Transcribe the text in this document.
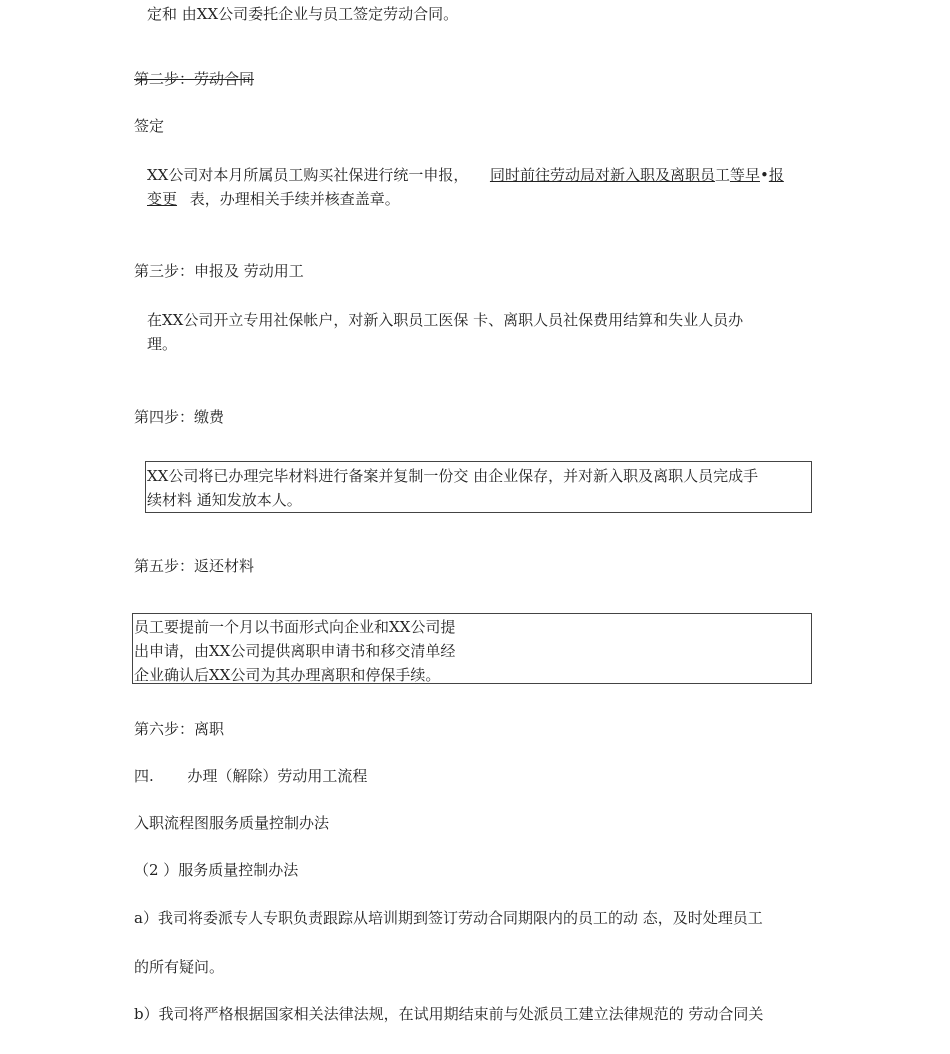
定和 由XX公司委托企业与员工签定劳动合同。
第二步：劳动合同
签定
XX公司对本月所属员工购买社保进行统一申报， 同时前往劳动局对新入职及离职员工等早•报
变更 表，办理相关手续并核查盖章。
第三步：申报及 劳动用工
在XX公司开立专用社保帐户，对新入职员工医保 卡、离职人员社保费用结算和失业人员办
理。
第四步：缴费
XX公司将已办理完毕材料进行备案并复制一份交 由企业保存，并对新入职及离职人员完成手
续材料 通知发放本人。
第五步：返还材料
员工要提前一个月以书面形式向企业和XX公司提
出申请，由XX公司提供离职申请书和移交清单经
企业确认后XX公司为其办理离职和停保手续。
第六步：离职
四. 办理（解除）劳动用工流程
入职流程图服务质量控制办法
（2 ）服务质量控制办法
a）我司将委派专人专职负责跟踪从培训期到签订劳动合同期限内的员工的动 态，及时处理员工
的所有疑问。
b）我司将严格根据国家相关法律法规，在试用期结束前与处派员工建立法律规范的 劳动合同关
